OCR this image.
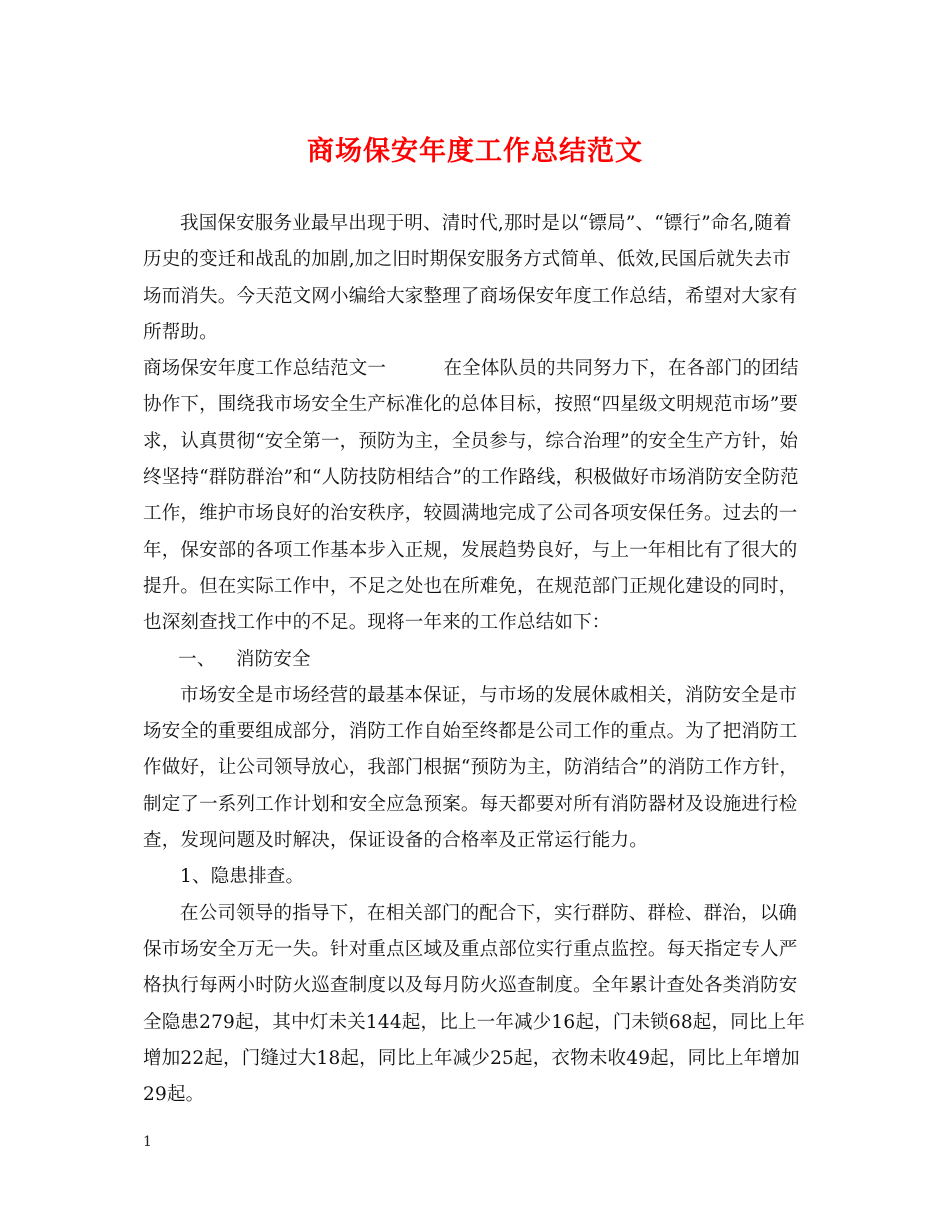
商场保安年度工作总结范文

我国保安服务业最早出现于明、清时代,那时是以“镖局”、“镖行”命名,随着历史的变迁和战乱的加剧,加之旧时期保安服务方式简单、低效,民国后就失去市场而消失。今天范文网小编给大家整理了商场保安年度工作总结，希望对大家有所帮助。

商场保安年度工作总结范文一	在全体队员的共同努力下，在各部门的团结协作下，围绕我市场安全生产标准化的总体目标，按照“四星级文明规范市场”要求，认真贯彻“安全第一，预防为主，全员参与，综合治理”的安全生产方针，始终坚持“群防群治”和“人防技防相结合”的工作路线，积极做好市场消防安全防范工作，维护市场良好的治安秩序，较圆满地完成了公司各项安保任务。过去的一年，保安部的各项工作基本步入正规，发展趋势良好，与上一年相比有了很大的提升。但在实际工作中，不足之处也在所难免，在规范部门正规化建设的同时，也深刻查找工作中的不足。现将一年来的工作总结如下：

一、 消防安全

市场安全是市场经营的最基本保证，与市场的发展休戚相关，消防安全是市场安全的重要组成部分，消防工作自始至终都是公司工作的重点。为了把消防工作做好，让公司领导放心，我部门根据“预防为主，防消结合”的消防工作方针，制定了一系列工作计划和安全应急预案。每天都要对所有消防器材及设施进行检查，发现问题及时解决，保证设备的合格率及正常运行能力。

1、隐患排查。

在公司领导的指导下，在相关部门的配合下，实行群防、群检、群治，以确保市场安全万无一失。针对重点区域及重点部位实行重点监控。每天指定专人严格执行每两小时防火巡查制度以及每月防火巡查制度。全年累计查处各类消防安全隐患279起，其中灯未关144起，比上一年减少16起，门未锁68起，同比上年增加22起，门缝过大18起，同比上年减少25起，衣物未收49起，同比上年增加29起。

1
